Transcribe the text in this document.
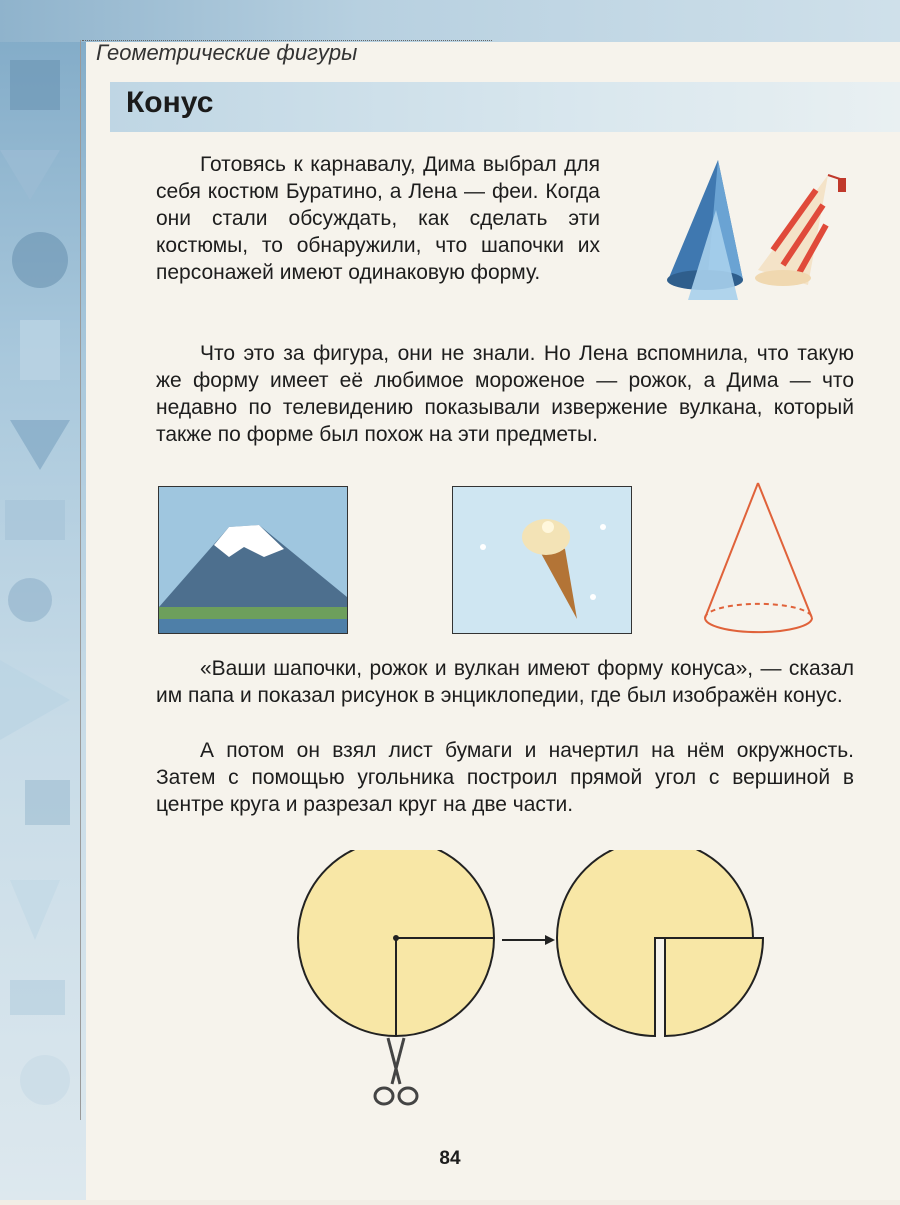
Геометрические фигуры
Конус

Готовясь к карнавалу, Дима выбрал для себя костюм Буратино, а Лена — феи. Когда они стали обсуждать, как сделать эти костюмы, то обнаружили, что шапочки их персонажей имеют одинаковую форму.

Что это за фигура, они не знали. Но Лена вспомнила, что такую же форму имеет её любимое мороженое — рожок, а Дима — что недавно по телевидению показывали извержение вулкана, который также по форме был похож на эти предметы.

«Ваши шапочки, рожок и вулкан имеют форму конуса», — сказал им папа и показал рисунок в энциклопедии, где был изображён конус.

А потом он взял лист бумаги и начертил на нём окружность. Затем с помощью угольника построил прямой угол с вершиной в центре круга и разрезал круг на две части.

84
